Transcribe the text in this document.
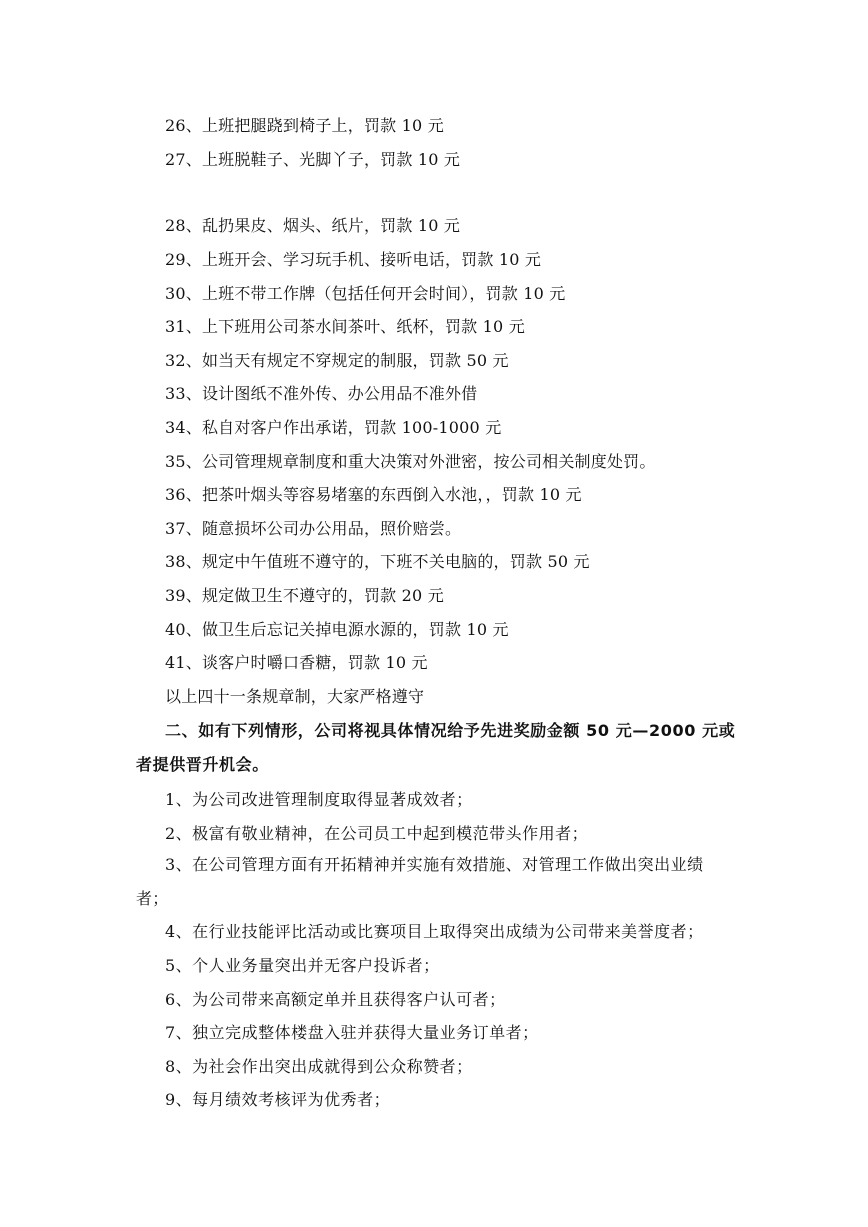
26、上班把腿跷到椅子上，罚款 10 元
27、上班脱鞋子、光脚丫子，罚款 10 元
28、乱扔果皮、烟头、纸片，罚款 10 元
29、上班开会、学习玩手机、接听电话，罚款 10 元
30、上班不带工作牌（包括任何开会时间），罚款 10 元
31、上下班用公司茶水间茶叶、纸杯，罚款 10 元
32、如当天有规定不穿规定的制服，罚款 50 元
33、设计图纸不准外传、办公用品不准外借
34、私自对客户作出承诺，罚款 100-1000 元
35、公司管理规章制度和重大决策对外泄密，按公司相关制度处罚。
36、把茶叶烟头等容易堵塞的东西倒入水池，，罚款 10 元
37、随意损坏公司办公用品，照价赔尝。
38、规定中午值班不遵守的，下班不关电脑的，罚款 50 元
39、规定做卫生不遵守的，罚款 20 元
40、做卫生后忘记关掉电源水源的，罚款 10 元
41、谈客户时嚼口香糖，罚款 10 元
以上四十一条规章制，大家严格遵守
二、如有下列情形，公司将视具体情况给予先进奖励金额 50 元—2000 元或
者提供晋升机会。
1、为公司改进管理制度取得显著成效者；
2、极富有敬业精神，在公司员工中起到模范带头作用者；
3、在公司管理方面有开拓精神并实施有效措施、对管理工作做出突出业绩
者；
4、在行业技能评比活动或比赛项目上取得突出成绩为公司带来美誉度者；
5、个人业务量突出并无客户投诉者；
6、为公司带来高额定单并且获得客户认可者；
7、独立完成整体楼盘入驻并获得大量业务订单者；
8、为社会作出突出成就得到公众称赞者；
9、每月绩效考核评为优秀者；
